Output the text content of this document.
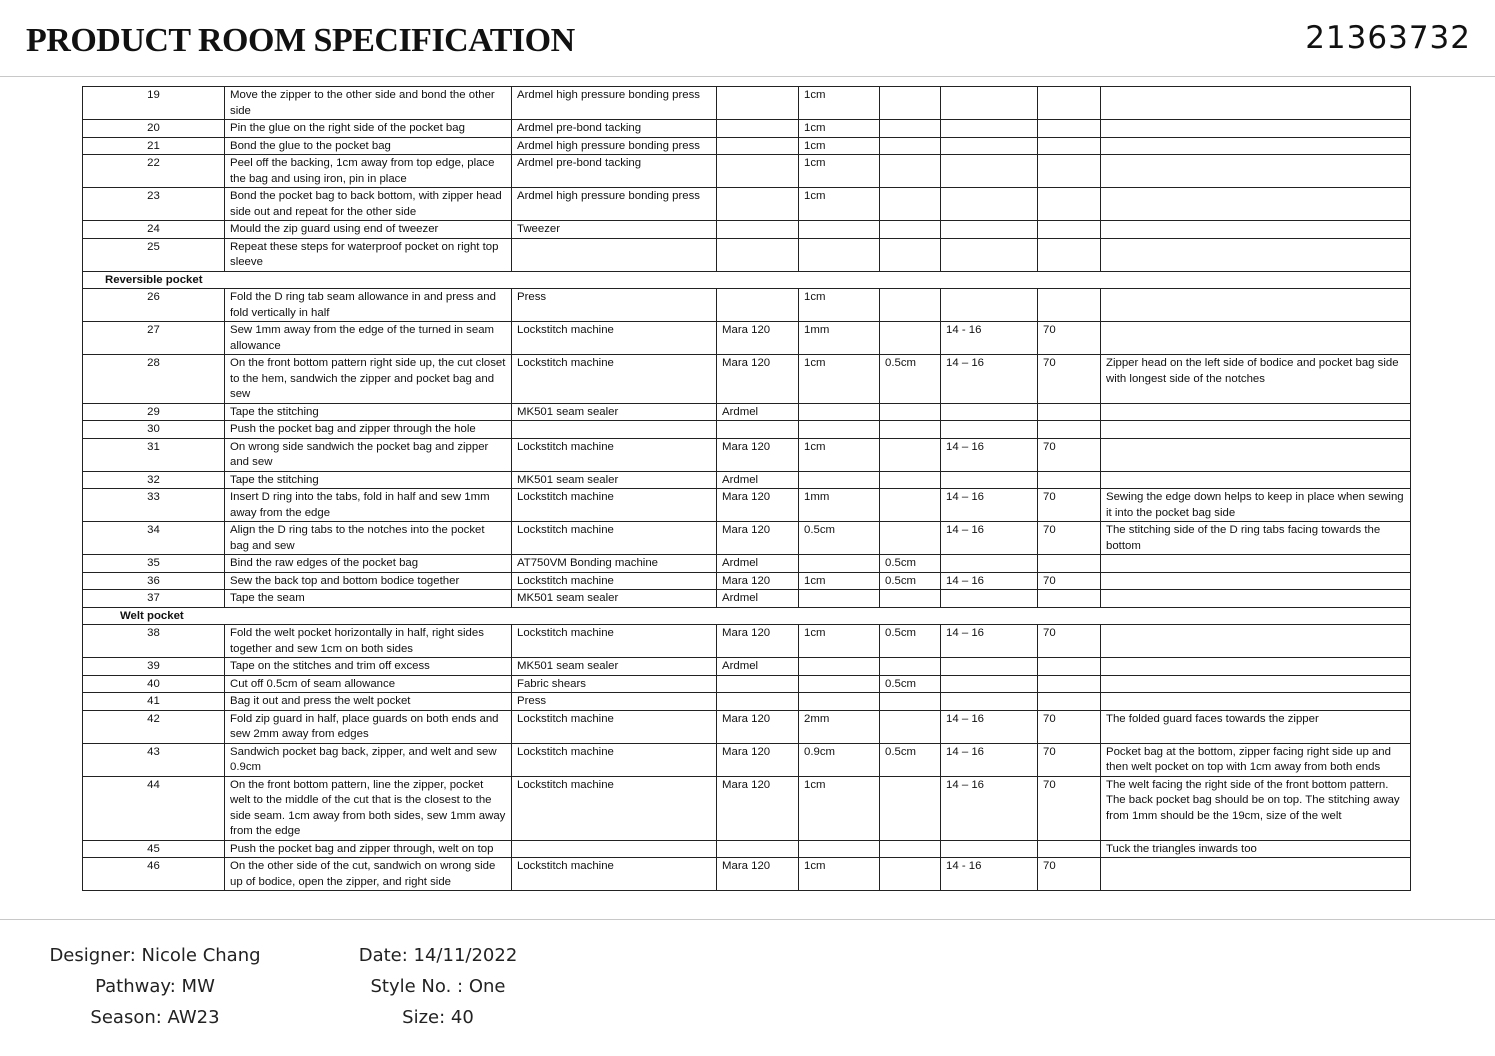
PRODUCT ROOM SPECIFICATION	21363732
19	Move the zipper to the other side and bond the other side	Ardmel high pressure bonding press		1cm				
20	Pin the glue on the right side of the pocket bag	Ardmel pre-bond tacking		1cm				
21	Bond the glue to the pocket bag	Ardmel high pressure bonding press		1cm				
22	Peel off the backing, 1cm away from top edge, place the bag and using iron, pin in place	Ardmel pre-bond tacking		1cm				
23	Bond the pocket bag to back bottom, with zipper head side out and repeat for the other side	Ardmel high pressure bonding press		1cm				
24	Mould the zip guard using end of tweezer	Tweezer						
25	Repeat these steps for waterproof pocket on right top sleeve							
Reversible pocket								
26	Fold the D ring tab seam allowance in and press and fold vertically in half	Press		1cm				
27	Sew 1mm away from the edge of the turned in seam allowance	Lockstitch machine	Mara 120	1mm		14 - 16	70	
28	On the front bottom pattern right side up, the cut closet to the hem, sandwich the zipper and pocket bag and sew	Lockstitch machine	Mara 120	1cm	0.5cm	14 – 16	70	Zipper head on the left side of bodice and pocket bag side with longest side of the notches
29	Tape the stitching	MK501 seam sealer	Ardmel					
30	Push the pocket bag and zipper through the hole							
31	On wrong side sandwich the pocket bag and zipper and sew	Lockstitch machine	Mara 120	1cm		14 – 16	70	
32	Tape the stitching	MK501 seam sealer	Ardmel					
33	Insert D ring into the tabs, fold in half and sew 1mm away from the edge	Lockstitch machine	Mara 120	1mm		14 – 16	70	Sewing the edge down helps to keep in place when sewing it into the pocket bag side
34	Align the D ring tabs to the notches into the pocket bag and sew	Lockstitch machine	Mara 120	0.5cm		14 – 16	70	The stitching side of the D ring tabs facing towards the bottom
35	Bind the raw edges of the pocket bag	AT750VM Bonding machine	Ardmel		0.5cm			
36	Sew the back top and bottom bodice together	Lockstitch machine	Mara 120	1cm	0.5cm	14 – 16	70	
37	Tape the seam	MK501 seam sealer	Ardmel					
Welt pocket								
38	Fold the welt pocket horizontally in half, right sides together and sew 1cm on both sides	Lockstitch machine	Mara 120	1cm	0.5cm	14 – 16	70	
39	Tape on the stitches and trim off excess	MK501 seam sealer	Ardmel					
40	Cut off 0.5cm of seam allowance	Fabric shears			0.5cm			
41	Bag it out and press the welt pocket	Press						
42	Fold zip guard in half, place guards on both ends and sew 2mm away from edges	Lockstitch machine	Mara 120	2mm		14 – 16	70	The folded guard faces towards the zipper
43	Sandwich pocket bag back, zipper, and welt and sew 0.9cm	Lockstitch machine	Mara 120	0.9cm	0.5cm	14 – 16	70	Pocket bag at the bottom, zipper facing right side up and then welt pocket on top with 1cm away from both ends
44	On the front bottom pattern, line the zipper, pocket welt to the middle of the cut that is the closest to the side seam. 1cm away from both sides, sew 1mm away from the edge	Lockstitch machine	Mara 120	1cm		14 – 16	70	The welt facing the right side of the front bottom pattern. The back pocket bag should be on top. The stitching away from 1mm should be the 19cm, size of the welt
45	Push the pocket bag and zipper through, welt on top							Tuck the triangles inwards too
46	On the other side of the cut, sandwich on wrong side up of bodice, open the zipper, and right side	Lockstitch machine	Mara 120	1cm		14 - 16	70	
Designer: Nicole Chang
Pathway: MW
Season: AW23
Date: 14/11/2022
Style No. : One
Size: 40
